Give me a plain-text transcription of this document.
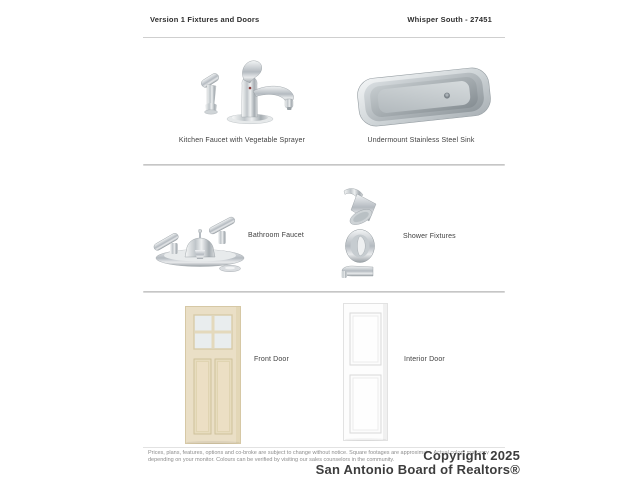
Version 1 Fixtures and Doors	Whisper South - 27451
Kitchen Faucet with Vegetable Sprayer	Undermount Stainless Steel Sink
Bathroom Faucet	Shower Fixtures
Front Door	Interior Door
Prices, plans, features, options and co-broke are subject to change without notice. Square footages are approximate. Actual colors may vary depending on your monitor. Colours can be verified by visiting our sales counselors in the community.	Copyright 2025
San Antonio Board of Realtors®
